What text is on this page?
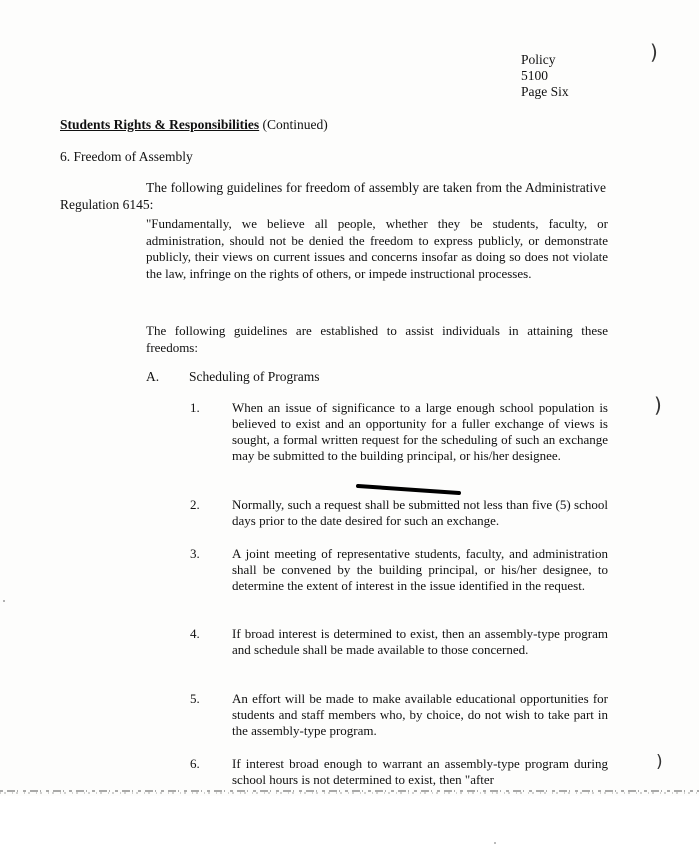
Policy
5100
Page Six
)
Students Rights & Responsibilities (Continued)
6. Freedom of Assembly
The following guidelines for freedom of assembly are taken from the Administrative Regulation 6145:
"Fundamentally, we believe all people, whether they be students, faculty, or administration, should not be denied the freedom to express publicly, or demonstrate publicly, their views on current issues and concerns insofar as doing so does not violate the law, infringe on the rights of others, or impede instructional processes.
The following guidelines are established to assist individuals in attaining these freedoms:
A. Scheduling of Programs
1. When an issue of significance to a large enough school population is believed to exist and an opportunity for a fuller exchange of views is sought, a formal written request for the scheduling of such an exchange may be submitted to the building principal, or his/her designee.
)
2. Normally, such a request shall be submitted not less than five (5) school days prior to the date desired for such an exchange.
3. A joint meeting of representative students, faculty, and administration shall be convened by the building principal, or his/her designee, to determine the extent of interest in the issue identified in the request.
4. If broad interest is determined to exist, then an assembly-type program and schedule shall be made available to those concerned.
5. An effort will be made to make available educational opportunities for students and staff members who, by choice, do not wish to take part in the assembly-type program.
6. If interest broad enough to warrant an assembly-type program during school hours is not determined to exist, then "after
)
